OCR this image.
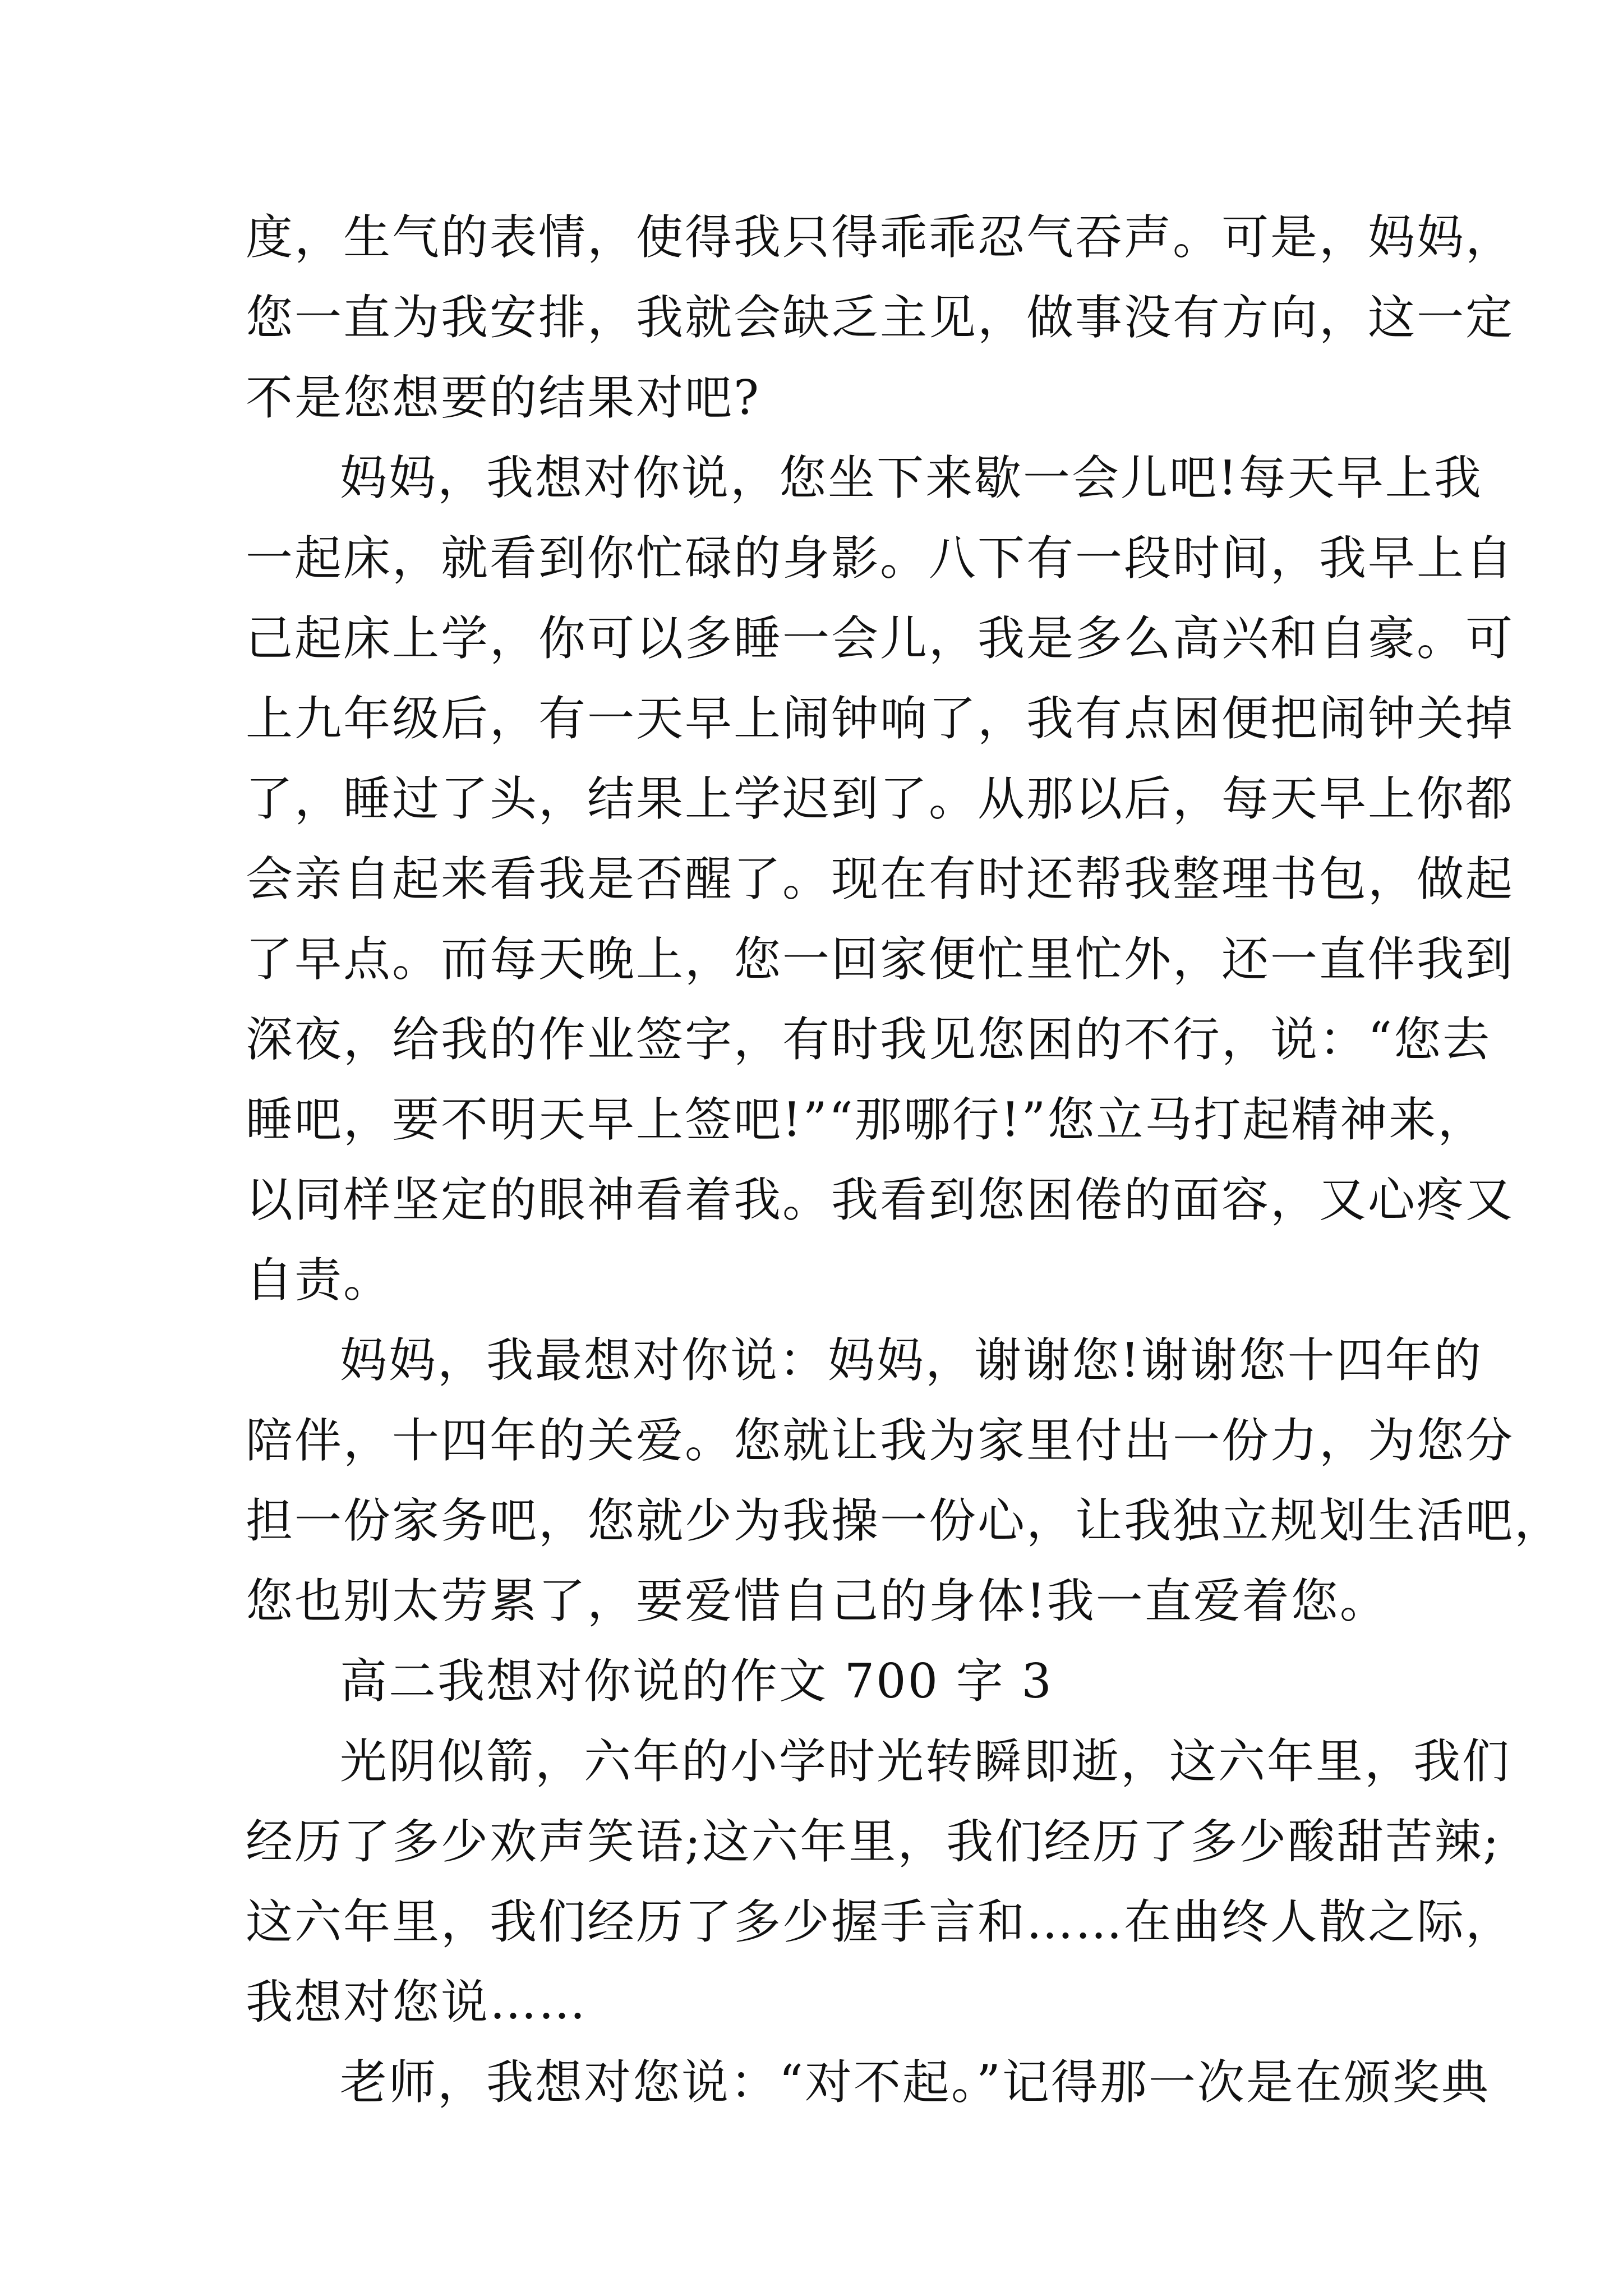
度，生气的表情，使得我只得乖乖忍气吞声。可是，妈妈，
您一直为我安排，我就会缺乏主见，做事没有方向，这一定
不是您想要的结果对吧?
妈妈，我想对你说，您坐下来歇一会儿吧!每天早上我
一起床，就看到你忙碌的身影。八下有一段时间，我早上自
己起床上学，你可以多睡一会儿，我是多么高兴和自豪。可
上九年级后，有一天早上闹钟响了，我有点困便把闹钟关掉
了，睡过了头，结果上学迟到了。从那以后，每天早上你都
会亲自起来看我是否醒了。现在有时还帮我整理书包，做起
了早点。而每天晚上，您一回家便忙里忙外，还一直伴我到
深夜，给我的作业签字，有时我见您困的不行，说：“您去
睡吧，要不明天早上签吧!”“那哪行!”您立马打起精神来，
以同样坚定的眼神看着我。我看到您困倦的面容，又心疼又
自责。
妈妈，我最想对你说：妈妈，谢谢您!谢谢您十四年的
陪伴，十四年的关爱。您就让我为家里付出一份力，为您分
担一份家务吧，您就少为我操一份心，让我独立规划生活吧，
您也别太劳累了，要爱惜自己的身体!我一直爱着您。
高二我想对你说的作文 700 字 3
光阴似箭，六年的小学时光转瞬即逝，这六年里，我们
经历了多少欢声笑语;这六年里，我们经历了多少酸甜苦辣;
这六年里，我们经历了多少握手言和……在曲终人散之际，
我想对您说……
老师，我想对您说：“对不起。”记得那一次是在颁奖典
